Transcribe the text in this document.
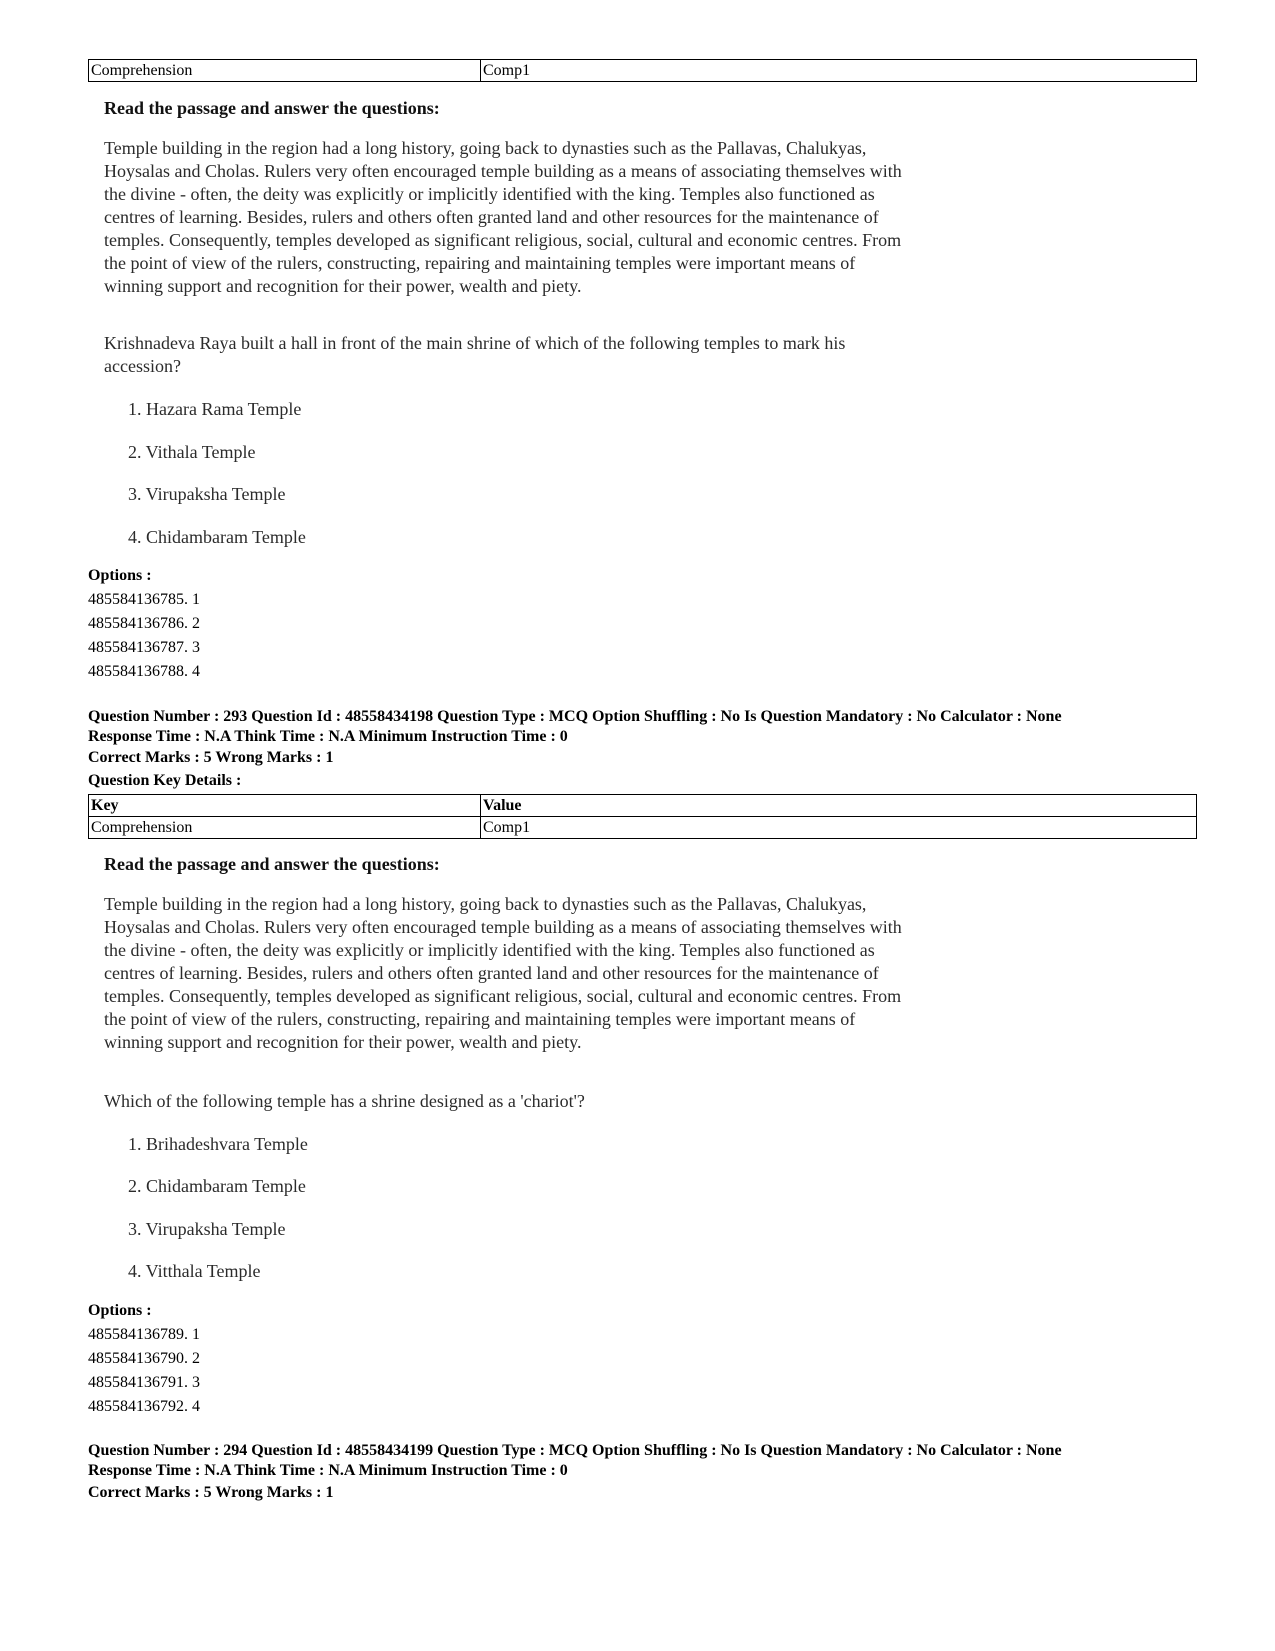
Comprehension	Comp1

Read the passage and answer the questions:

Temple building in the region had a long history, going back to dynasties such as the Pallavas, Chalukyas,
Hoysalas and Cholas. Rulers very often encouraged temple building as a means of associating themselves with
the divine - often, the deity was explicitly or implicitly identified with the king. Temples also functioned as
centres of learning. Besides, rulers and others often granted land and other resources for the maintenance of
temples. Consequently, temples developed as significant religious, social, cultural and economic centres. From
the point of view of the rulers, constructing, repairing and maintaining temples were important means of
winning support and recognition for their power, wealth and piety.

Krishnadeva Raya built a hall in front of the main shrine of which of the following temples to mark his
accession?
1. Hazara Rama Temple
2. Vithala Temple
3. Virupaksha Temple
4. Chidambaram Temple
Options :
485584136785. 1
485584136786. 2
485584136787. 3
485584136788. 4
Question Number : 293 Question Id : 48558434198 Question Type : MCQ Option Shuffling : No Is Question Mandatory : No Calculator : None
Response Time : N.A Think Time : N.A Minimum Instruction Time : 0
Correct Marks : 5 Wrong Marks : 1
Question Key Details :
Key	Value
Comprehension	Comp1

Read the passage and answer the questions:

Temple building in the region had a long history, going back to dynasties such as the Pallavas, Chalukyas,
Hoysalas and Cholas. Rulers very often encouraged temple building as a means of associating themselves with
the divine - often, the deity was explicitly or implicitly identified with the king. Temples also functioned as
centres of learning. Besides, rulers and others often granted land and other resources for the maintenance of
temples. Consequently, temples developed as significant religious, social, cultural and economic centres. From
the point of view of the rulers, constructing, repairing and maintaining temples were important means of
winning support and recognition for their power, wealth and piety.

Which of the following temple has a shrine designed as a 'chariot'?
1. Brihadeshvara Temple
2. Chidambaram Temple
3. Virupaksha Temple
4. Vitthala Temple
Options :
485584136789. 1
485584136790. 2
485584136791. 3
485584136792. 4
Question Number : 294 Question Id : 48558434199 Question Type : MCQ Option Shuffling : No Is Question Mandatory : No Calculator : None
Response Time : N.A Think Time : N.A Minimum Instruction Time : 0
Correct Marks : 5 Wrong Marks : 1
